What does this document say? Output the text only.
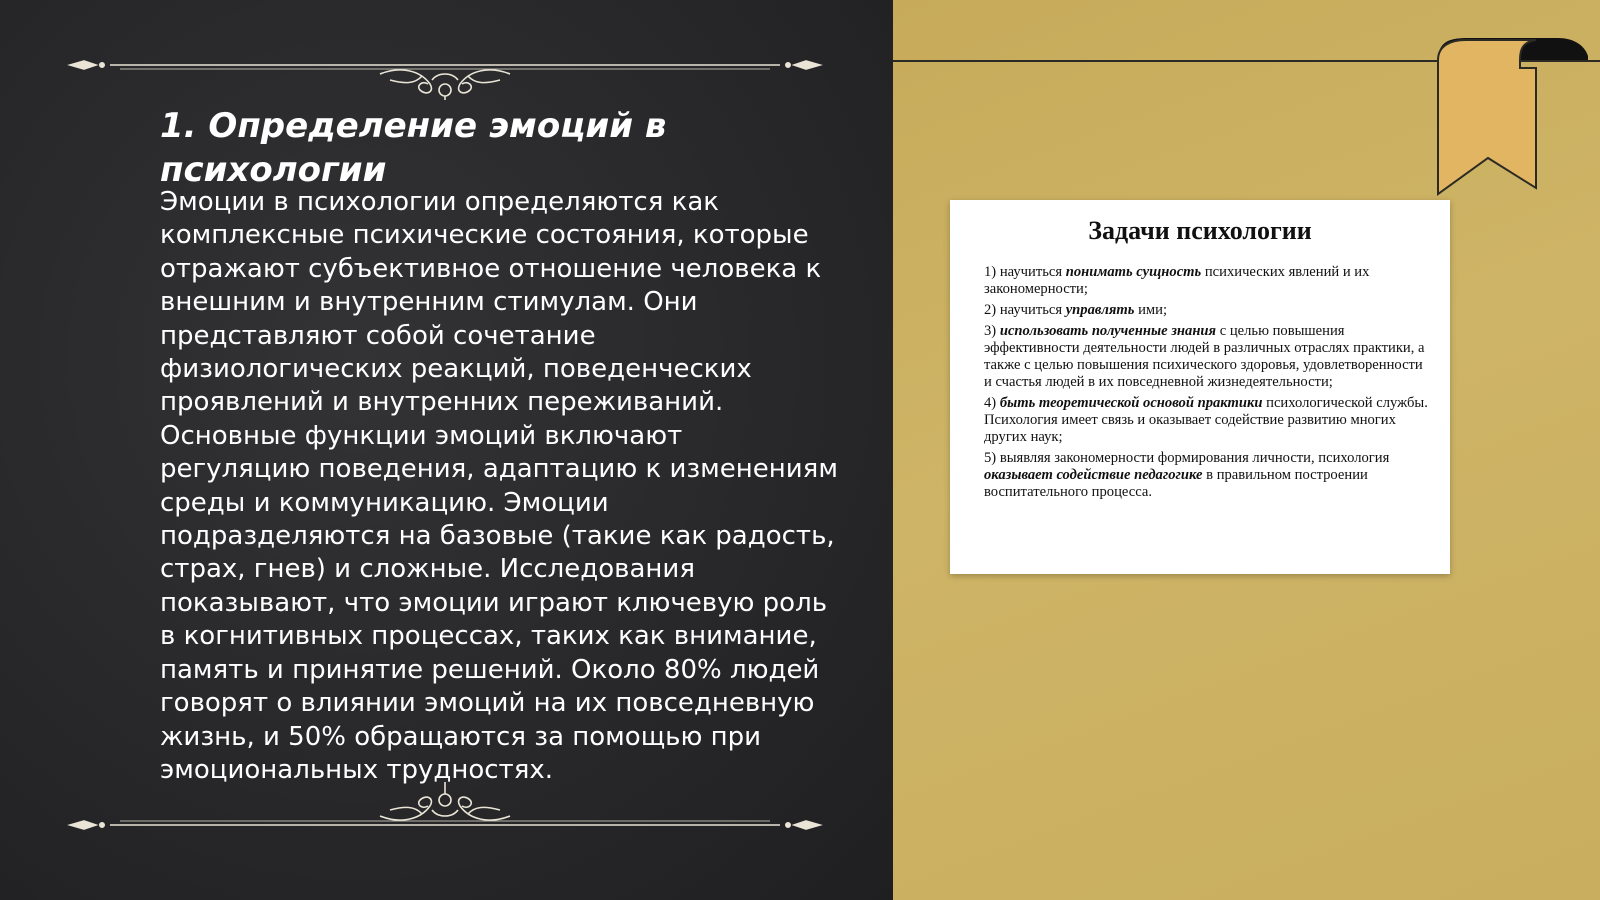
1. Определение эмоций в психологии

Эмоции в психологии определяются как комплексные психические состояния, которые отражают субъективное отношение человека к внешним и внутренним стимулам. Они представляют собой сочетание физиологических реакций, поведенческих проявлений и внутренних переживаний. Основные функции эмоций включают регуляцию поведения, адаптацию к изменениям среды и коммуникацию. Эмоции подразделяются на базовые (такие как радость, страх, гнев) и сложные. Исследования показывают, что эмоции играют ключевую роль в когнитивных процессах, таких как внимание, память и принятие решений. Около 80% людей говорят о влиянии эмоций на их повседневную жизнь, и 50% обращаются за помощью при эмоциональных трудностях.

Задачи психологии
1) научиться понимать сущность психических явлений и их закономерности;
2) научиться управлять ими;
3) использовать полученные знания с целью повышения эффективности деятельности людей в различных отраслях практики, а также с целью повышения психического здоровья, удовлетворенности и счастья людей в их повседневной жизнедеятельности;
4) быть теоретической основой практики психологической службы. Психология имеет связь и оказывает содействие развитию многих других наук;
5) выявляя закономерности формирования личности, психология оказывает содействие педагогике в правильном построении воспитательного процесса.
